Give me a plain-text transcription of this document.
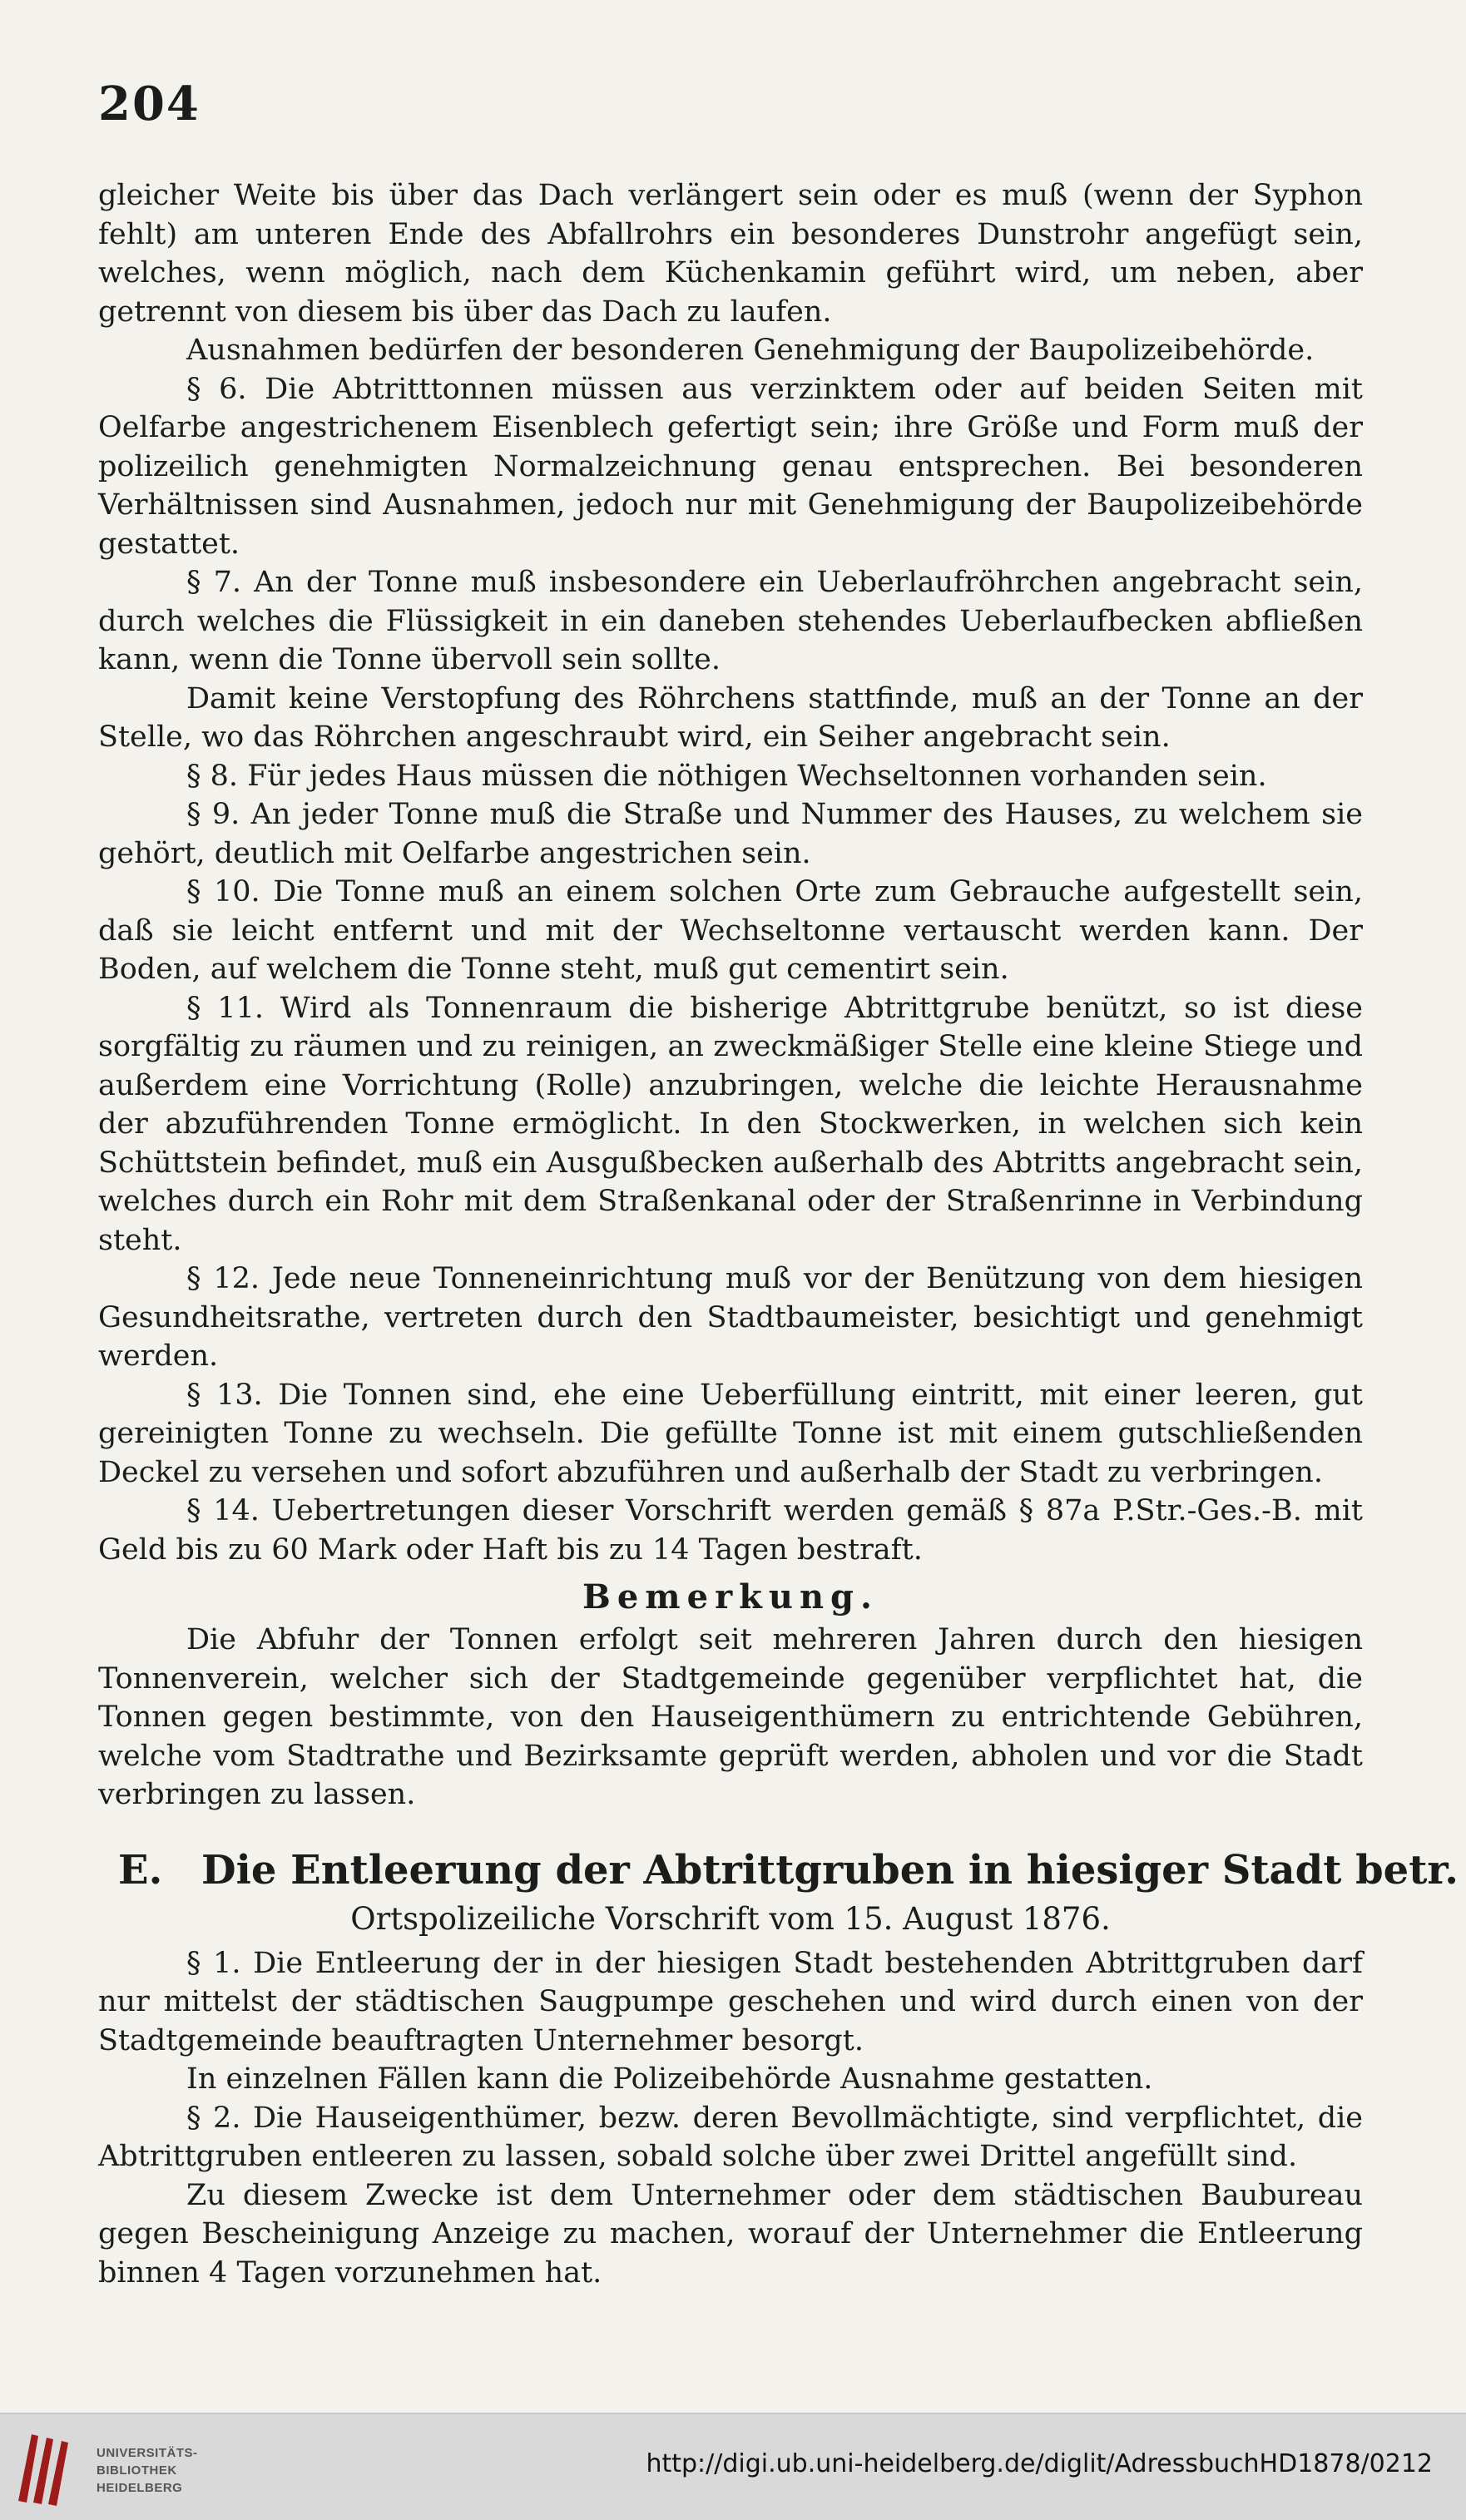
204

gleicher Weite bis über das Dach verlängert sein oder es muß (wenn der Syphon fehlt) am unteren Ende des Abfallrohrs ein besonderes Dunstrohr angefügt sein, welches, wenn möglich, nach dem Küchenkamin geführt wird, um neben, aber getrennt von diesem bis über das Dach zu laufen.

Ausnahmen bedürfen der besonderen Genehmigung der Baupolizeibehörde.

§ 6. Die Abtritttonnen müssen aus verzinktem oder auf beiden Seiten mit Oelfarbe angestrichenem Eisenblech gefertigt sein; ihre Größe und Form muß der polizeilich genehmigten Normalzeichnung genau entsprechen. Bei besonderen Verhältnissen sind Ausnahmen, jedoch nur mit Genehmigung der Baupolizeibehörde gestattet.

§ 7. An der Tonne muß insbesondere ein Ueberlaufröhrchen angebracht sein, durch welches die Flüssigkeit in ein daneben stehendes Ueberlaufbecken abfließen kann, wenn die Tonne übervoll sein sollte.

Damit keine Verstopfung des Röhrchens stattfinde, muß an der Tonne an der Stelle, wo das Röhrchen angeschraubt wird, ein Seiher angebracht sein.

§ 8. Für jedes Haus müssen die nöthigen Wechseltonnen vorhanden sein.

§ 9. An jeder Tonne muß die Straße und Nummer des Hauses, zu welchem sie gehört, deutlich mit Oelfarbe angestrichen sein.

§ 10. Die Tonne muß an einem solchen Orte zum Gebrauche aufgestellt sein, daß sie leicht entfernt und mit der Wechseltonne vertauscht werden kann. Der Boden, auf welchem die Tonne steht, muß gut cementirt sein.

§ 11. Wird als Tonnenraum die bisherige Abtrittgrube benützt, so ist diese sorgfältig zu räumen und zu reinigen, an zweckmäßiger Stelle eine kleine Stiege und außerdem eine Vorrichtung (Rolle) anzubringen, welche die leichte Herausnahme der abzuführenden Tonne ermöglicht. In den Stockwerken, in welchen sich kein Schüttstein befindet, muß ein Ausgußbecken außerhalb des Abtritts angebracht sein, welches durch ein Rohr mit dem Straßenkanal oder der Straßenrinne in Verbindung steht.

§ 12. Jede neue Tonneneinrichtung muß vor der Benützung von dem hiesigen Gesundheitsrathe, vertreten durch den Stadtbaumeister, besichtigt und genehmigt werden.

§ 13. Die Tonnen sind, ehe eine Ueberfüllung eintritt, mit einer leeren, gut gereinigten Tonne zu wechseln. Die gefüllte Tonne ist mit einem gutschließenden Deckel zu versehen und sofort abzuführen und außerhalb der Stadt zu verbringen.

§ 14. Uebertretungen dieser Vorschrift werden gemäß § 87a P.Str.-Ges.-B. mit Geld bis zu 60 Mark oder Haft bis zu 14 Tagen bestraft.

Bemerkung.

Die Abfuhr der Tonnen erfolgt seit mehreren Jahren durch den hiesigen Tonnenverein, welcher sich der Stadtgemeinde gegenüber verpflichtet hat, die Tonnen gegen bestimmte, von den Hauseigenthümern zu entrichtende Gebühren, welche vom Stadtrathe und Bezirksamte geprüft werden, abholen und vor die Stadt verbringen zu lassen.

E. Die Entleerung der Abtrittgruben in hiesiger Stadt betr.
Ortspolizeiliche Vorschrift vom 15. August 1876.

§ 1. Die Entleerung der in der hiesigen Stadt bestehenden Abtrittgruben darf nur mittelst der städtischen Saugpumpe geschehen und wird durch einen von der Stadtgemeinde beauftragten Unternehmer besorgt.

In einzelnen Fällen kann die Polizeibehörde Ausnahme gestatten.

§ 2. Die Hauseigenthümer, bezw. deren Bevollmächtigte, sind verpflichtet, die Abtrittgruben entleeren zu lassen, sobald solche über zwei Drittel angefüllt sind.

Zu diesem Zwecke ist dem Unternehmer oder dem städtischen Baubureau gegen Bescheinigung Anzeige zu machen, worauf der Unternehmer die Entleerung binnen 4 Tagen vorzunehmen hat.

UNIVERSITÄTS-
BIBLIOTHEK
HEIDELBERG
http://digi.ub.uni-heidelberg.de/diglit/AdressbuchHD1878/0212
